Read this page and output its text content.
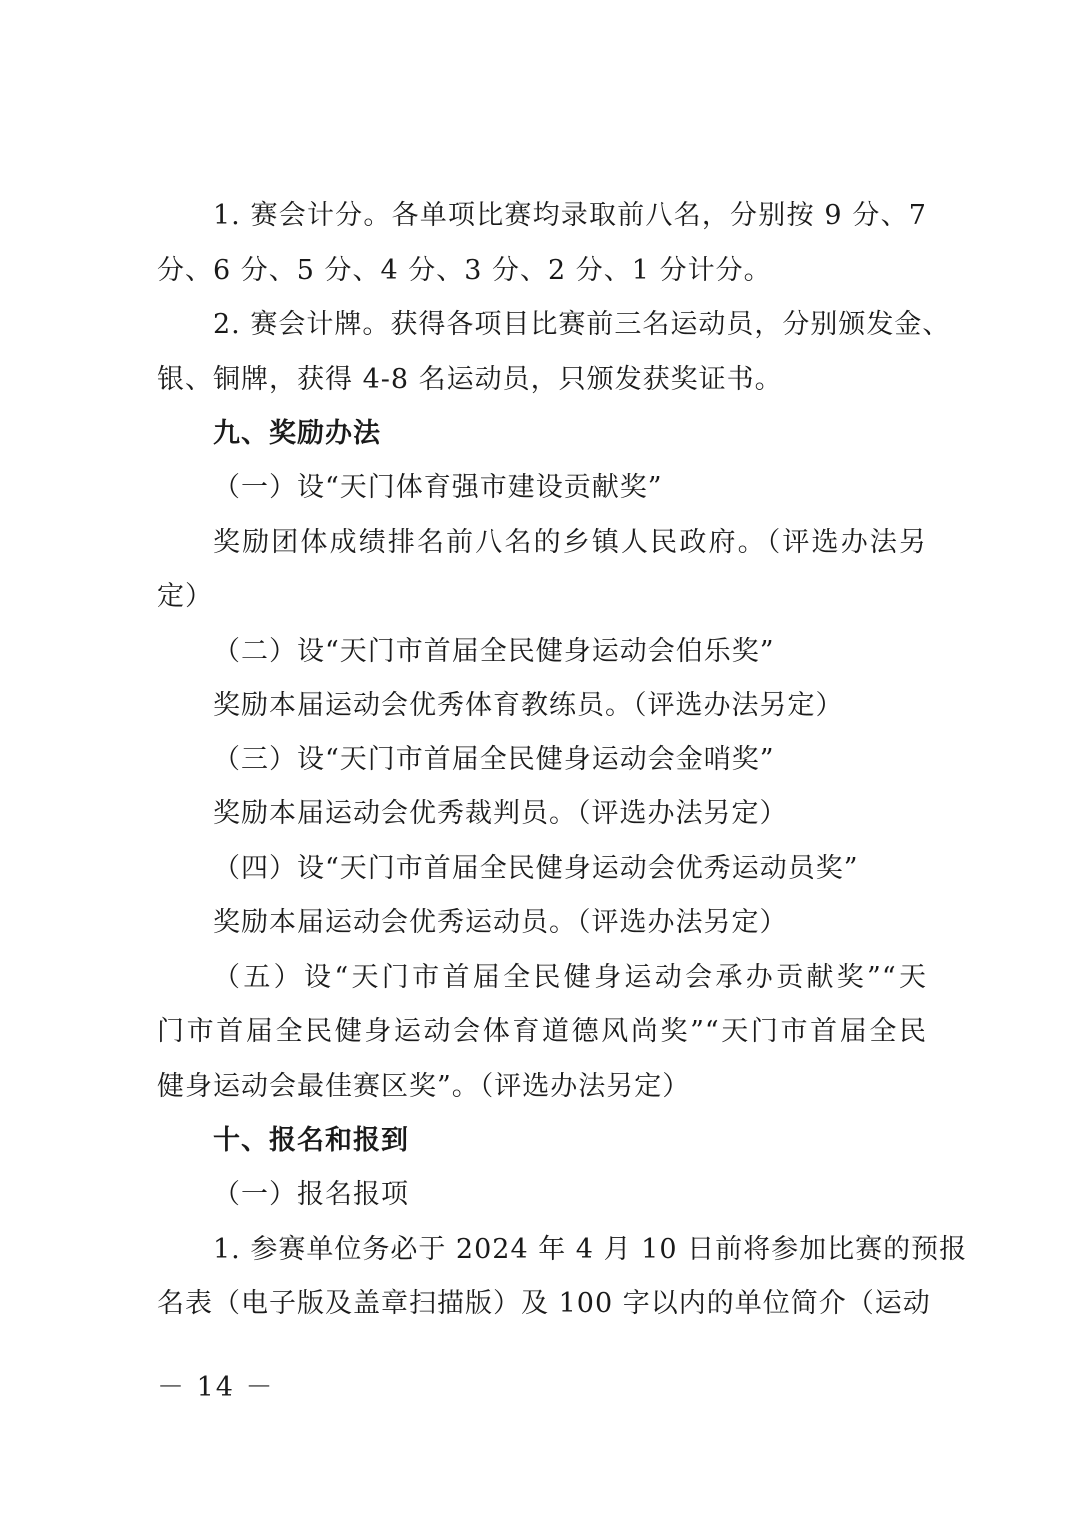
1. 赛会计分。各单项比赛均录取前八名，分别按 9 分、7
分、6 分、5 分、4 分、3 分、2 分、1 分计分。
2. 赛会计牌。获得各项目比赛前三名运动员，分别颁发金、
银、铜牌，获得 4-8 名运动员，只颁发获奖证书。
九、奖励办法
（一）设“天门体育强市建设贡献奖”
奖励团体成绩排名前八名的乡镇人民政府。（评选办法另
定）
（二）设“天门市首届全民健身运动会伯乐奖”
奖励本届运动会优秀体育教练员。（评选办法另定）
（三）设“天门市首届全民健身运动会金哨奖”
奖励本届运动会优秀裁判员。（评选办法另定）
（四）设“天门市首届全民健身运动会优秀运动员奖”
奖励本届运动会优秀运动员。（评选办法另定）
（五）设“天门市首届全民健身运动会承办贡献奖”“天
门市首届全民健身运动会体育道德风尚奖”“天门市首届全民
健身运动会最佳赛区奖”。（评选办法另定）
十、报名和报到
（一）报名报项
1. 参赛单位务必于 2024 年 4 月 10 日前将参加比赛的预报
名表（电子版及盖章扫描版）及 100 字以内的单位简介（运动
－ 14 －
